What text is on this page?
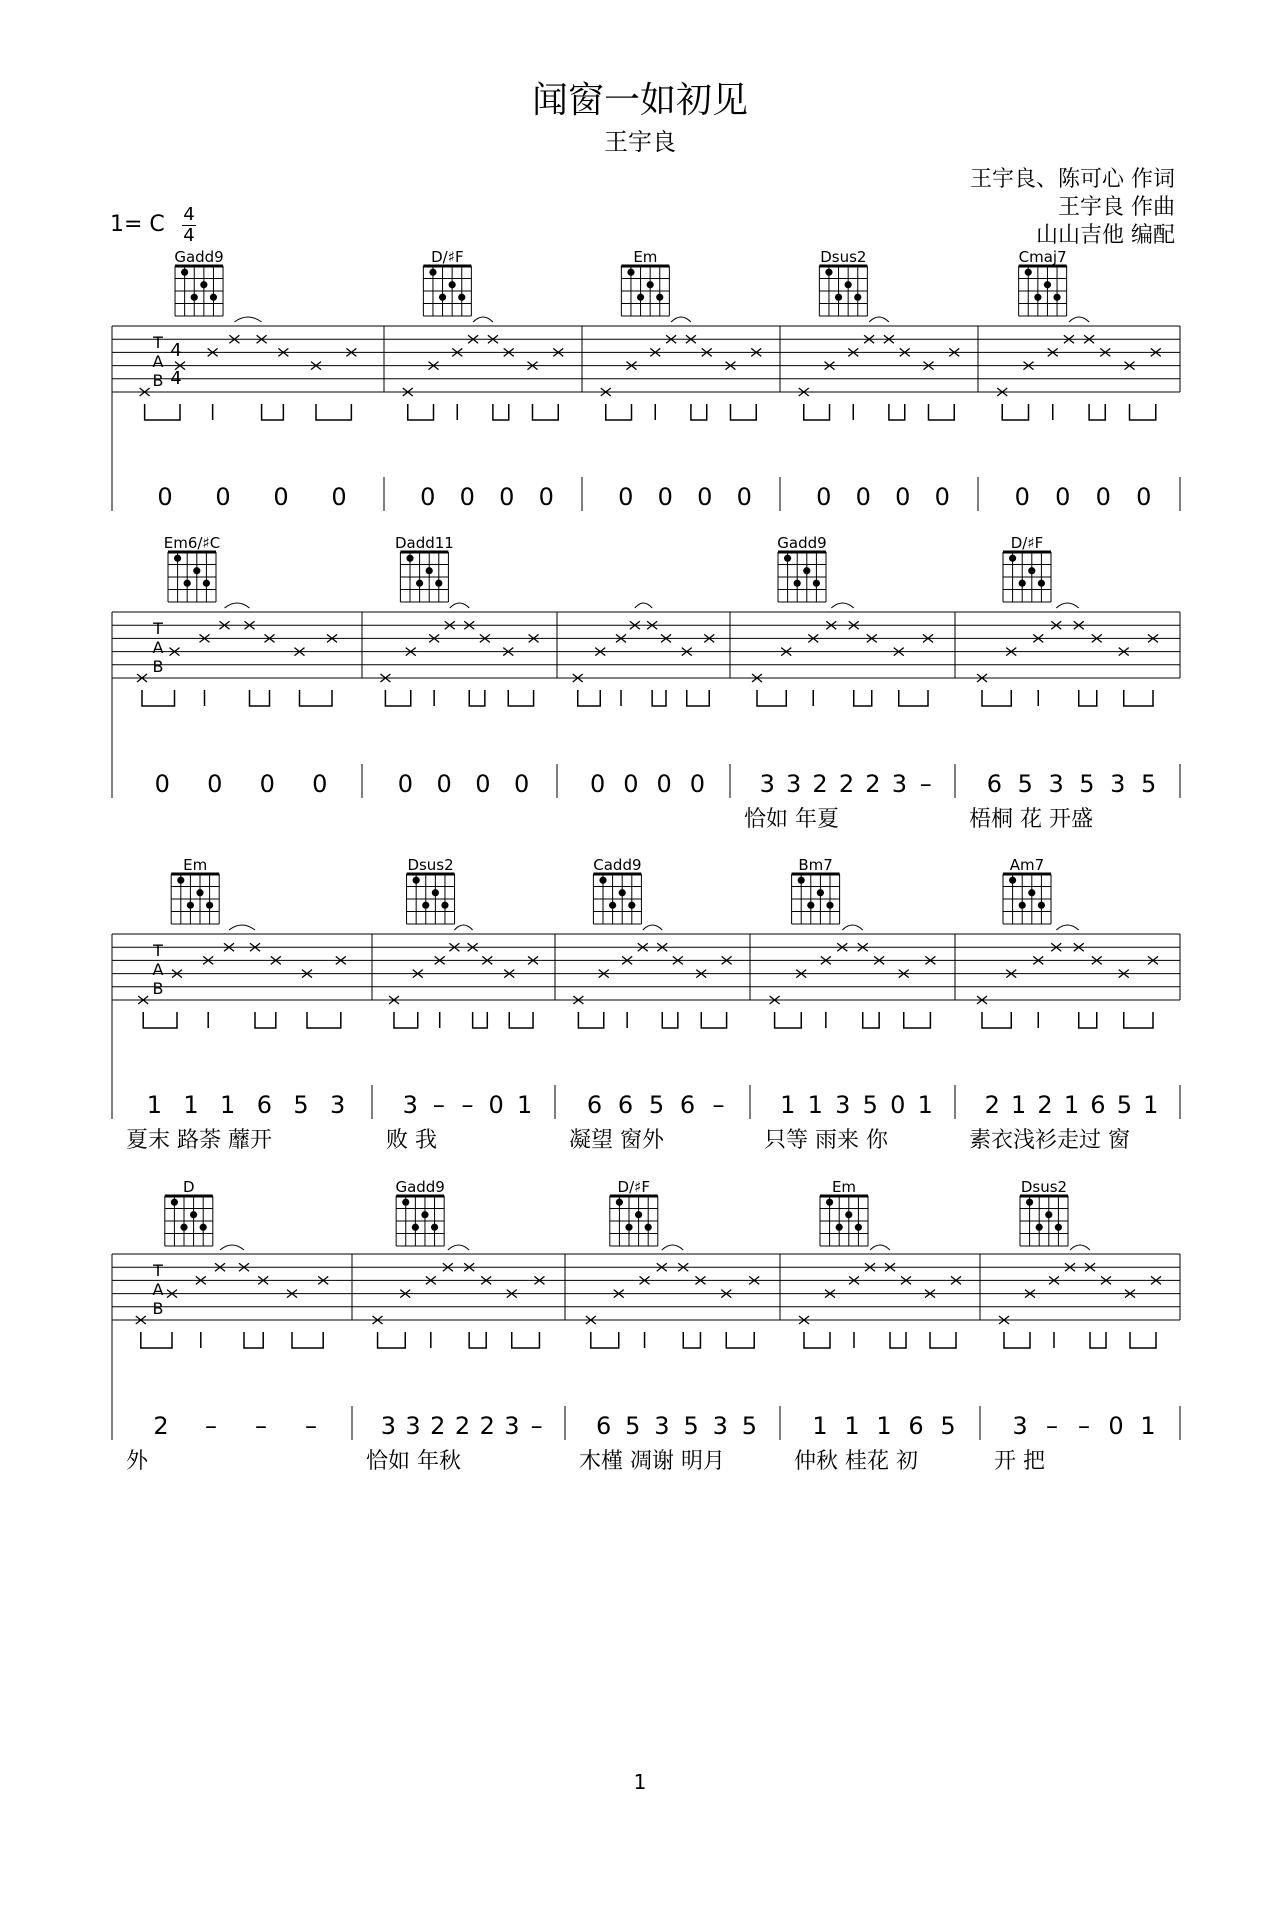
闻窗一如初见
王宇良
王宇良、陈可心 作词
王宇良 作曲
山山吉他 编配
1= C 4
4
T
A
B
4
4
Gadd9
0 0 0 0
D/♯F
0 0 0 0
Em
0 0 0 0
Dsus2
0 0 0 0
Cmaj7
0 0 0 0
T
A
B
Em6/♯C
0 0 0 0
Dadd11
0 0 0 0	0 0 0 0
Gadd9
3 3 2 2 2 3 –
恰如 年夏
D/♯F
6 5 3 5 3 5
梧桐 花 开盛
T
A
B
Em
1 1 1 6 5 3
夏末 路荼 蘼开
Dsus2
3 – – 0 1
败 我
Cadd9
6 6 5 6 –
凝望 窗外
Bm7
1 1 3 5 0 1
只等 雨来 你
Am7
2 1 2 1 6 5 1
素衣浅衫走过 窗
T
A
B
D
2 – – –
外
Gadd9
3 3 2 2 2 3 –
恰如 年秋
D/♯F
6 5 3 5 3 5
木槿 凋谢 明月
Em
1 1 1 6 5
仲秋 桂花 初
Dsus2
3 – – 0 1
开 把
1
